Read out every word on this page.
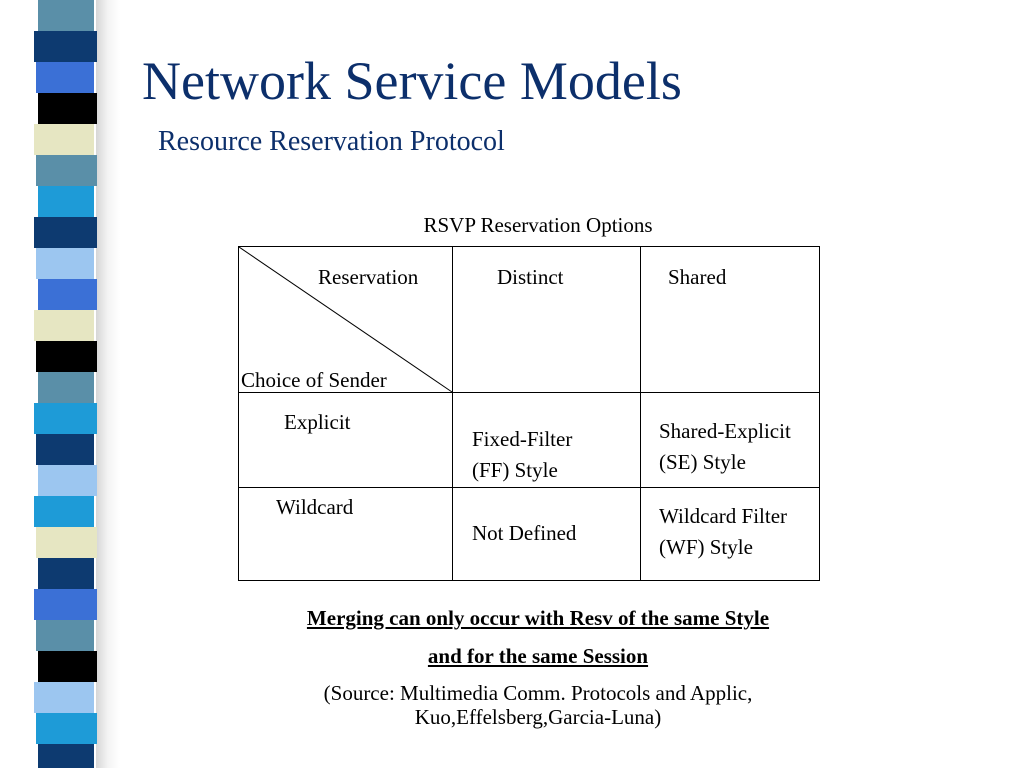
Network Service Models
Resource Reservation Protocol
RSVP Reservation Options
Reservation
Choice of Sender
Distinct	Shared
Explicit
Fixed-Filter
(FF) Style
Shared-Explicit
(SE) Style
Wildcard
Not Defined
Wildcard Filter
(WF) Style
Merging can only occur with Resv of the same Style
and for the same Session
(Source: Multimedia Comm. Protocols and Applic,
Kuo,Effelsberg,Garcia-Luna)
